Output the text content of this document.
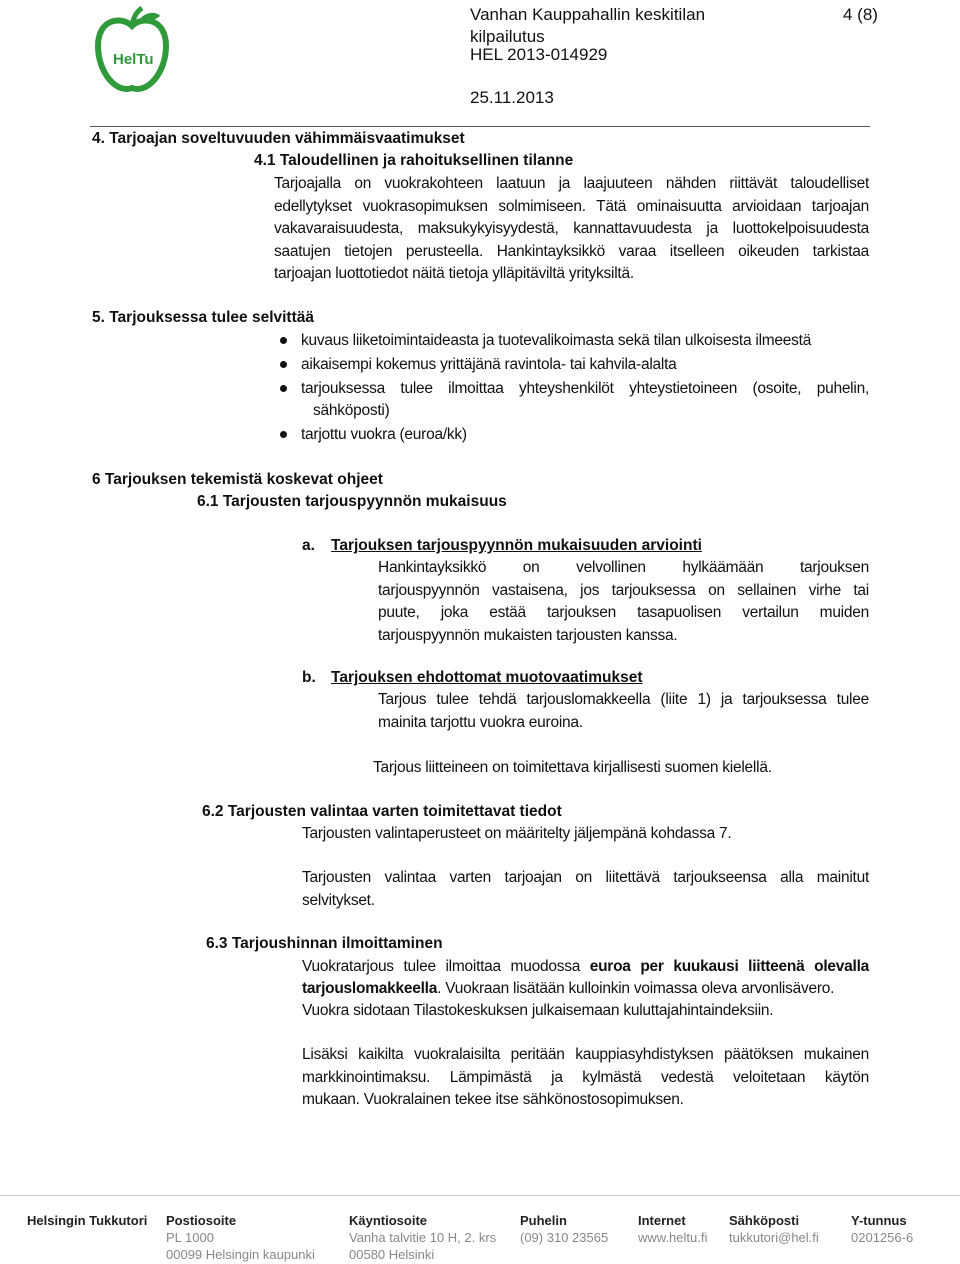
HelTu
Vanhan Kauppahallin keskitilan	4 (8)
kilpailutus
HEL 2013-014929
25.11.2013
4. Tarjoajan soveltuvuuden vähimmäisvaatimukset
4.1 Taloudellinen ja rahoituksellinen tilanne
Tarjoajalla on vuokrakohteen laatuun ja laajuuteen nähden riittävät taloudelliset
edellytykset vuokrasopimuksen solmimiseen. Tätä ominaisuutta arvioidaan tarjoajan
vakavaraisuudesta, maksukykyisyydestä, kannattavuudesta ja luottokelpoisuudesta
saatujen tietojen perusteella. Hankintayksikkö varaa itselleen oikeuden tarkistaa
tarjoajan luottotiedot näitä tietoja ylläpitäviltä yrityksiltä.
5. Tarjouksessa tulee selvittää
kuvaus liiketoimintaideasta ja tuotevalikoimasta sekä tilan ulkoisesta ilmeestä
aikaisempi kokemus yrittäjänä ravintola- tai kahvila-alalta
tarjouksessa tulee ilmoittaa yhteyshenkilöt yhteystietoineen (osoite, puhelin,
sähköposti)
tarjottu vuokra (euroa/kk)
6 Tarjouksen tekemistä koskevat ohjeet
6.1 Tarjousten tarjouspyynnön mukaisuus
a. Tarjouksen tarjouspyynnön mukaisuuden arviointi
Hankintayksikkö on velvollinen hylkäämään tarjouksen
tarjouspyynnön vastaisena, jos tarjouksessa on sellainen virhe tai
puute, joka estää tarjouksen tasapuolisen vertailun muiden
tarjouspyynnön mukaisten tarjousten kanssa.
b. Tarjouksen ehdottomat muotovaatimukset
Tarjous tulee tehdä tarjouslomakkeella (liite 1) ja tarjouksessa tulee
mainita tarjottu vuokra euroina.
Tarjous liitteineen on toimitettava kirjallisesti suomen kielellä.
6.2 Tarjousten valintaa varten toimitettavat tiedot
Tarjousten valintaperusteet on määritelty jäljempänä kohdassa 7.
Tarjousten valintaa varten tarjoajan on liitettävä tarjoukseensa alla mainitut
selvitykset.
6.3 Tarjoushinnan ilmoittaminen
Vuokratarjous tulee ilmoittaa muodossa euroa per kuukausi liitteenä olevalla
tarjouslomakkeella. Vuokraan lisätään kulloinkin voimassa oleva arvonlisävero.
Vuokra sidotaan Tilastokeskuksen julkaisemaan kuluttajahintaindeksiin.
Lisäksi kaikilta vuokralaisilta peritään kauppiasyhdistyksen päätöksen mukainen
markkinointimaksu. Lämpimästä ja kylmästä vedestä veloitetaan käytön
mukaan. Vuokralainen tekee itse sähkönostosopimuksen.
Helsingin Tukkutori Postiosoite
PL 1000
00099 Helsingin kaupunki
Käyntiosoite
Vanha talvitie 10 H, 2. krs
00580 Helsinki
Puhelin
(09) 310 23565
Internet
www.heltu.fi
Sähköposti
tukkutori@hel.fi
Y-tunnus
0201256-6
